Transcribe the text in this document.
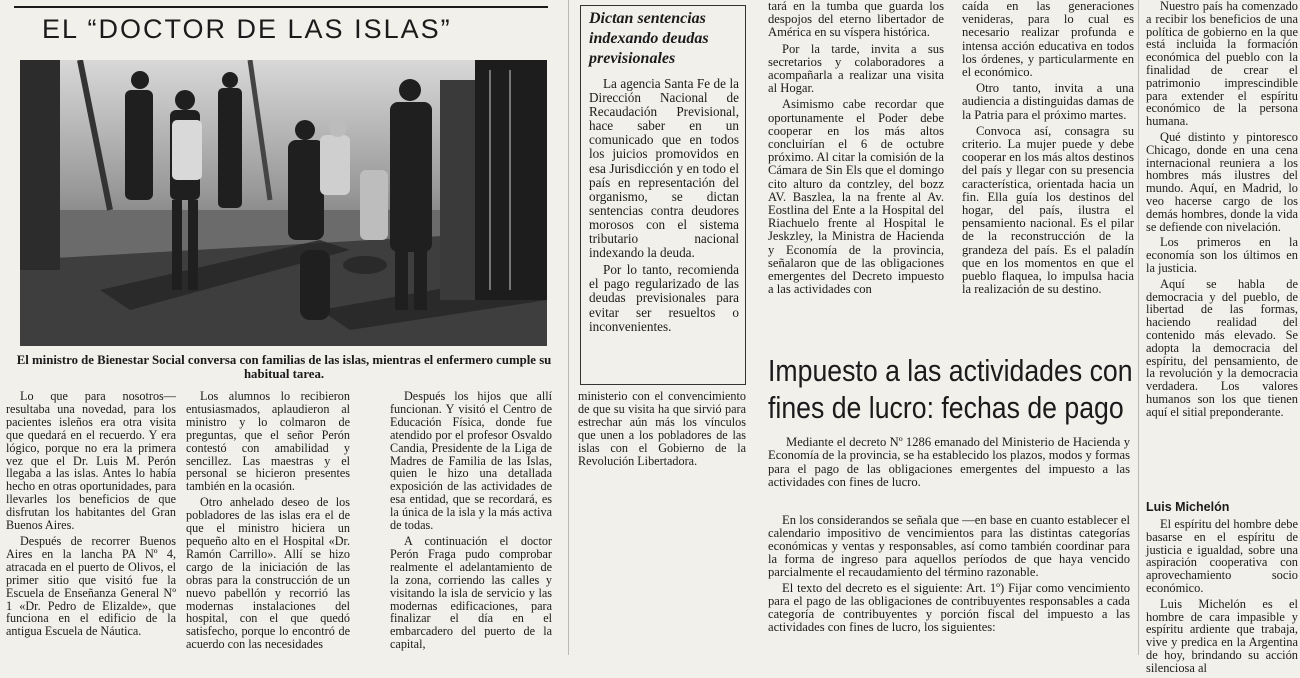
EL “DOCTOR DE LAS ISLAS”
El ministro de Bienestar Social conversa con familias de las islas, mientras el enfermero cumple su habitual tarea.

Lo que para nosotros— resultaba una novedad, para los pacientes isleños era otra visita que quedará en el recuerdo. Y era lógico, porque no era la primera vez que el Dr. Luis M. Perón llegaba a las islas. Antes lo había hecho en otras oportunidades, para llevarles los beneficios de que disfrutan los habitantes del Gran Buenos Aires.

Después de recorrer Buenos Aires en la lancha PA Nº 4, atracada en el puerto de Olivos, el primer sitio que visitó fue la Escuela de Enseñanza General Nº 1 «Dr. Pedro de Elizalde», que funciona en el edificio de la antigua Escuela de Náutica.

Los alumnos lo recibieron entusiasmados, aplaudieron al ministro y lo colmaron de preguntas, que el señor Perón contestó con amabilidad y sencillez. Las maestras y el personal se hicieron presentes también en la ocasión.

Otro anhelado deseo de los pobladores de las islas era el de que el ministro hiciera un pequeño alto en el Hospital «Dr. Ramón Carrillo». Allí se hizo cargo de la iniciación de las obras para la construcción de un nuevo pabellón y recorrió las modernas instalaciones del hospital, con el que quedó satisfecho, porque lo encontró de acuerdo con las necesidades

Después los hijos que allí funcionan. Y visitó el Centro de Educación Física, donde fue atendido por el profesor Osvaldo Candia, Presidente de la Liga de Madres de Familia de las Islas, quien le hizo una detallada exposición de las actividades de esa entidad, que se recordará, es la única de la isla y la más activa de todas.

A continuación el doctor Perón Fraga pudo comprobar realmente el adelantamiento de la zona, corriendo las calles y visitando la isla de servicio y las modernas edificaciones, para finalizar el día en el embarcadero del puerto de la capital,

ministerio con el convencimiento de que su visita ha que sirvió para estrechar aún más los vínculos que unen a los pobladores de las islas con el Gobierno de la Revolución Libertadora.

Dictan sentencias indexando deudas previsionales

La agencia Santa Fe de la Dirección Nacional de Recaudación Previsional, hace saber en un comunicado que en todos los juicios promovidos en esa Jurisdicción y en todo el país en representación del organismo, se dictan sentencias contra deudores morosos con el sistema tributario nacional indexando la deuda.

Por lo tanto, recomienda el pago regularizado de las deudas previsionales para evitar ser resueltos o inconvenientes.

tará en la tumba que guarda los despojos del eterno libertador de América en su víspera histórica.

Por la tarde, invita a sus secretarios y colaboradores a acompañarla a realizar una visita al Hogar.

Asimismo cabe recordar que oportunamente el Poder debe cooperar en los más altos concluirían el 6 de octubre próximo. Al citar la comisión de la Cámara de Sin Els que el domingo cito alturo da contzley, del bozz AV. Baszlea, la na frente al Av. Eostlina del Ente a la Hospital del Riachuelo frente al Hospital le Jeskzley, la Ministra de Hacienda y Economía de la provincia, señalaron que de las obligaciones emergentes del Decreto impuesto a las actividades con

caída en las generaciones venideras, para lo cual es necesario realizar profunda e intensa acción educativa en todos los órdenes, y particularmente en el económico.

Otro tanto, invita a una audiencia a distinguidas damas de la Patria para el próximo martes.

Convoca así, consagra su criterio. La mujer puede y debe cooperar en los más altos destinos del país y llegar con su presencia característica, orientada hacia un fin. Ella guía los destinos del hogar, del país, ilustra el pensamiento nacional. Es el pilar de la reconstrucción de la grandeza del país. Es el paladín que en los momentos en que el pueblo flaquea, lo impulsa hacia la realización de su destino.

Impuesto a las actividades con
fines de lucro: fechas de pago

Mediante el decreto Nº 1286 emanado del Ministerio de Hacienda y Economía de la provincia, se ha establecido los plazos, modos y formas para el pago de las obligaciones emergentes del impuesto a las actividades con fines de lucro.

En los considerandos se señala que —en base en cuanto establecer el calendario impositivo de vencimientos para las distintas categorías económicas y ventas y responsables, así como también coordinar para la forma de ingreso para aquellos períodos de que haya vencido parcialmente el recaudamiento del término razonable.

El texto del decreto es el siguiente: Art. 1º) Fijar como vencimiento para el pago de las obligaciones de contribuyentes responsables a cada categoría de contribuyentes y porción fiscal del impuesto a las actividades con fines de lucro, los siguientes:

Nuestro país ha comenzado a recibir los beneficios de una política de gobierno en la que está incluida la formación económica del pueblo con la finalidad de crear el patrimonio imprescindible para extender el espíritu económico de la persona humana.

Qué distinto y pintoresco Chicago, donde en una cena internacional reuniera a los hombres más ilustres del mundo. Aquí, en Madrid, lo veo hacerse cargo de los demás hombres, donde la vida se defiende con nivelación.

Los primeros en la economía son los últimos en la justicia.

Aquí se habla de democracia y del pueblo, de libertad de las formas, haciendo realidad del contenido más elevado. Se adopta la democracia del espíritu, del pensamiento, de la revolución y la democracia verdadera. Los valores humanos son los que tienen aquí el sitial preponderante.

Luis Michelón

El espíritu del hombre debe basarse en el espíritu de justicia e igualdad, sobre una aspiración cooperativa con aprovechamiento socio económico.

Luis Michelón es el hombre de cara impasible y espíritu ardiente que trabaja, vive y predica en la Argentina de hoy, brindando su acción silenciosa al
